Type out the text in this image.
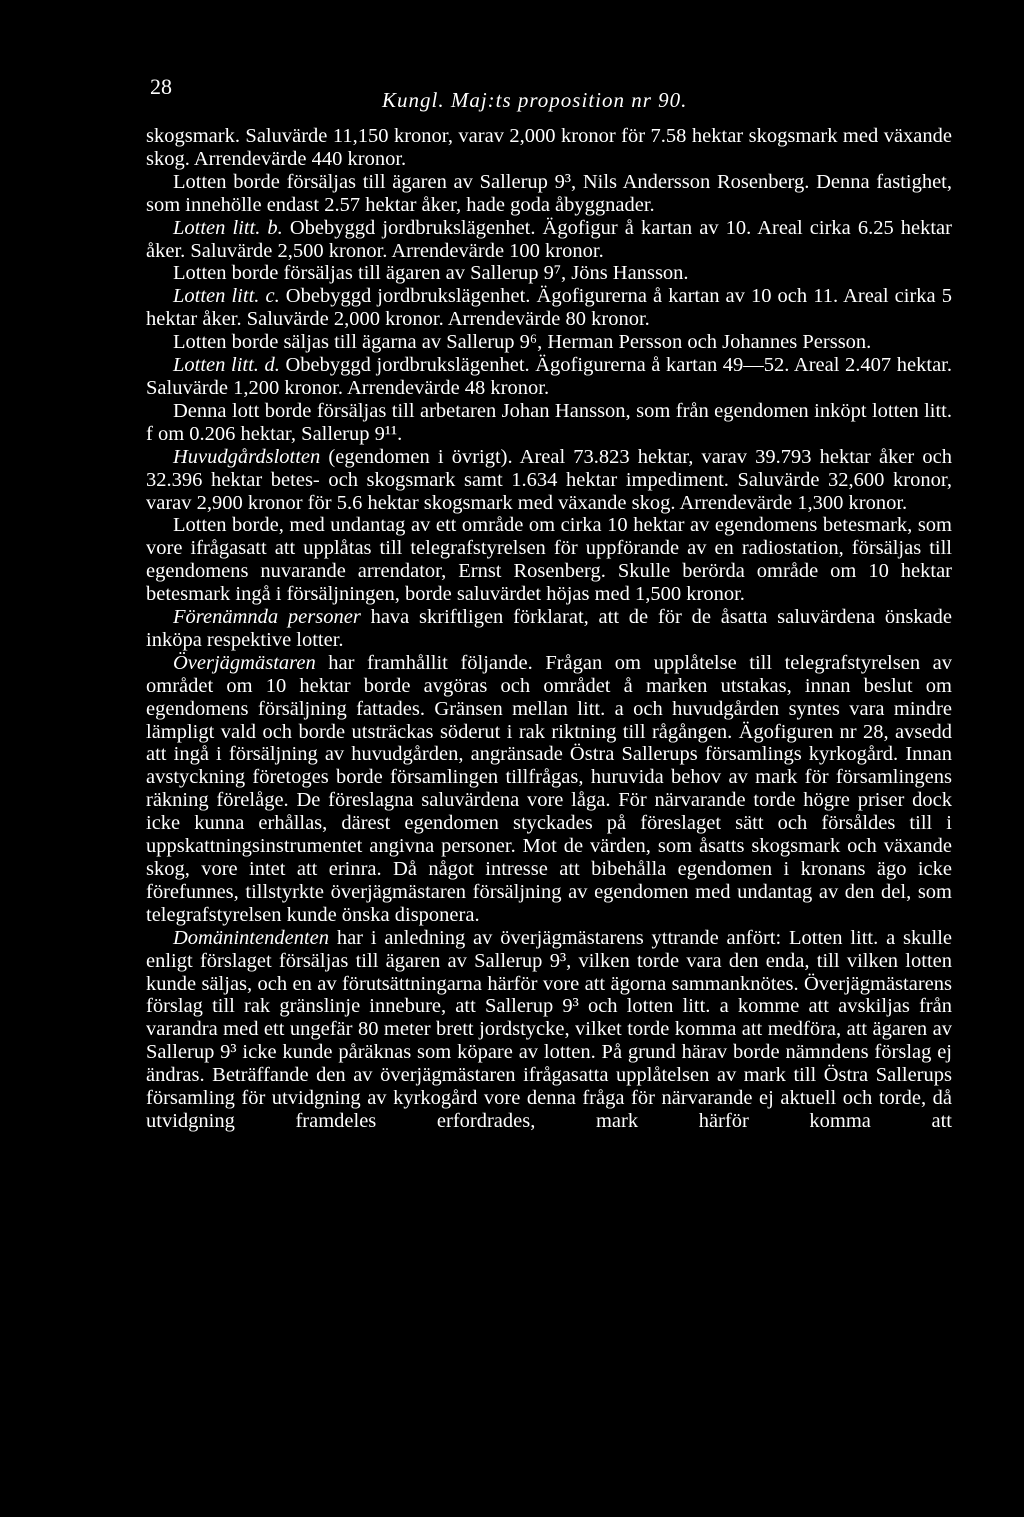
28
Kungl. Maj:ts proposition nr 90.

skogsmark. Saluvärde 11,150 kronor, varav 2,000 kronor för 7.58 hektar skogsmark med växande skog. Arrendevärde 440 kronor.

Lotten borde försäljas till ägaren av Sallerup 9³, Nils Andersson Rosenberg. Denna fastighet, som innehölle endast 2.57 hektar åker, hade goda åbyggnader.

Lotten litt. b. Obebyggd jordbrukslägenhet. Ägofigur å kartan av 10. Areal cirka 6.25 hektar åker. Saluvärde 2,500 kronor. Arrendevärde 100 kronor.

Lotten borde försäljas till ägaren av Sallerup 9⁷, Jöns Hansson.

Lotten litt. c. Obebyggd jordbrukslägenhet. Ägofigurerna å kartan av 10 och 11. Areal cirka 5 hektar åker. Saluvärde 2,000 kronor. Arrendevärde 80 kronor.

Lotten borde säljas till ägarna av Sallerup 9⁶, Herman Persson och Johannes Persson.

Lotten litt. d. Obebyggd jordbrukslägenhet. Ägofigurerna å kartan 49—52. Areal 2.407 hektar. Saluvärde 1,200 kronor. Arrendevärde 48 kronor.

Denna lott borde försäljas till arbetaren Johan Hansson, som från egendomen inköpt lotten litt. f om 0.206 hektar, Sallerup 9¹¹.

Huvudgårdslotten (egendomen i övrigt). Areal 73.823 hektar, varav 39.793 hektar åker och 32.396 hektar betes- och skogsmark samt 1.634 hektar impediment. Saluvärde 32,600 kronor, varav 2,900 kronor för 5.6 hektar skogsmark med växande skog. Arrendevärde 1,300 kronor.

Lotten borde, med undantag av ett område om cirka 10 hektar av egendomens betesmark, som vore ifrågasatt att upplåtas till telegrafstyrelsen för uppförande av en radiostation, försäljas till egendomens nuvarande arrendator, Ernst Rosenberg. Skulle berörda område om 10 hektar betesmark ingå i försäljningen, borde saluvärdet höjas med 1,500 kronor.

Förenämnda personer hava skriftligen förklarat, att de för de åsatta saluvärdena önskade inköpa respektive lotter.

Överjägmästaren har framhållit följande. Frågan om upplåtelse till telegrafstyrelsen av området om 10 hektar borde avgöras och området å marken utstakas, innan beslut om egendomens försäljning fattades. Gränsen mellan litt. a och huvudgården syntes vara mindre lämpligt vald och borde utsträckas söderut i rak riktning till rågången. Ägofiguren nr 28, avsedd att ingå i försäljning av huvudgården, angränsade Östra Sallerups församlings kyrkogård. Innan avstyckning företoges borde församlingen tillfrågas, huruvida behov av mark för församlingens räkning förelåge. De föreslagna saluvärdena vore låga. För närvarande torde högre priser dock icke kunna erhållas, därest egendomen styckades på föreslaget sätt och försåldes till i uppskattningsinstrumentet angivna personer. Mot de värden, som åsatts skogsmark och växande skog, vore intet att erinra. Då något intresse att bibehålla egendomen i kronans ägo icke förefunnes, tillstyrkte överjägmästaren försäljning av egendomen med undantag av den del, som telegrafstyrelsen kunde önska disponera.

Domänintendenten har i anledning av överjägmästarens yttrande anfört: Lotten litt. a skulle enligt förslaget försäljas till ägaren av Sallerup 9³, vilken torde vara den enda, till vilken lotten kunde säljas, och en av förutsättningarna härför vore att ägorna sammanknötes. Överjägmästarens förslag till rak gränslinje innebure, att Sallerup 9³ och lotten litt. a komme att avskiljas från varandra med ett ungefär 80 meter brett jordstycke, vilket torde komma att medföra, att ägaren av Sallerup 9³ icke kunde påräknas som köpare av lotten. På grund härav borde nämndens förslag ej ändras. Beträffande den av överjägmästaren ifrågasatta upplåtelsen av mark till Östra Sallerups församling för utvidgning av kyrkogård vore denna fråga för närvarande ej aktuell och torde, då utvidgning framdeles erfordrades, mark härför komma att
